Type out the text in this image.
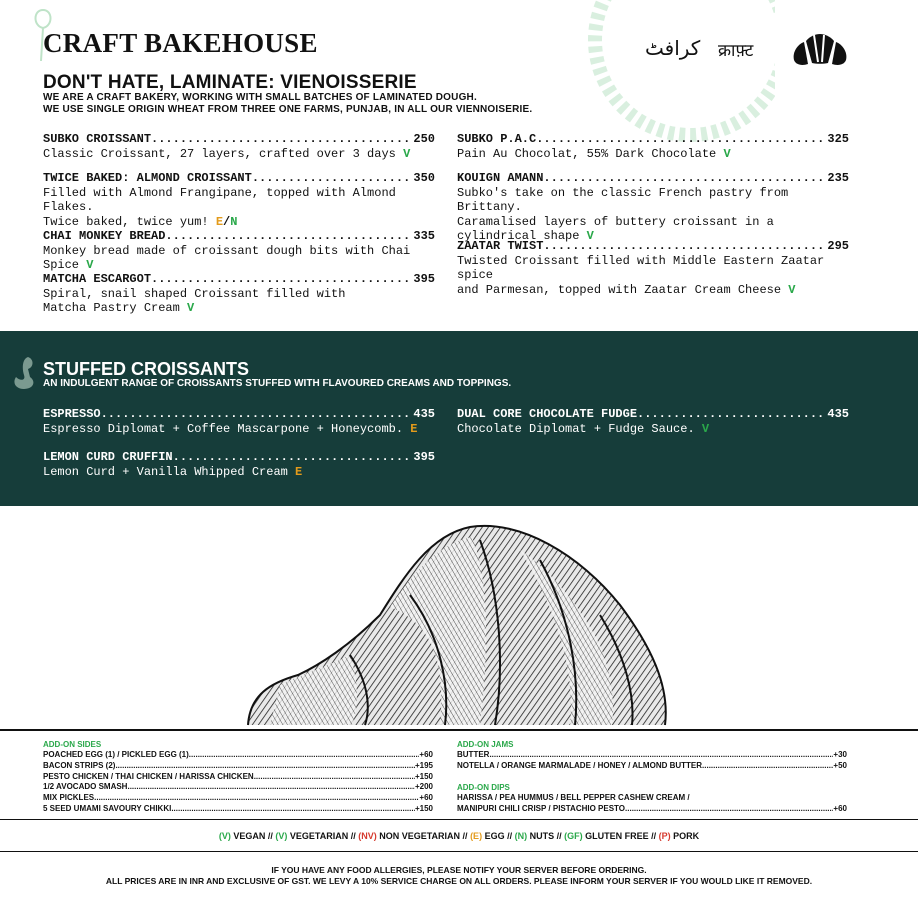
CRAFT BAKEHOUSE	كرافٹ क्राफ़्ट
DON'T HATE, LAMINATE: VIENOISSERIE
WE ARE A CRAFT BAKERY, WORKING WITH SMALL BATCHES OF LAMINATED DOUGH.
WE USE SINGLE ORIGIN WHEAT FROM THREE ONE FARMS, PUNJAB, IN ALL OUR VIENNOISERIE.
SUBKO CROISSANT .....	250
Classic Croissant, 27 layers, crafted over 3 days V
TWICE BAKED: ALMOND CROISSANT .....	350
Filled with Almond Frangipane, topped with Almond Flakes.
Twice baked, twice yum! E/N
CHAI MONKEY BREAD .....	335
Monkey bread made of croissant dough bits with Chai Spice V
MATCHA ESCARGOT .....	395
Spiral, snail shaped Croissant filled with
Matcha Pastry Cream V
SUBKO P.A.C. .....	325
Pain Au Chocolat, 55% Dark Chocolate V
KOUIGN AMANN .....	235
Subko's take on the classic French pastry from Brittany.
Caramalised layers of buttery croissant in a
cylindrical shape V
ZAATAR TWIST .....	295
Twisted Croissant filled with Middle Eastern Zaatar spice
and Parmesan, topped with Zaatar Cream Cheese V
STUFFED CROISSANTS
AN INDULGENT RANGE OF CROISSANTS STUFFED WITH FLAVOURED CREAMS AND TOPPINGS.
ESPRESSO .....	435
Espresso Diplomat + Coffee Mascarpone + Honeycomb. E
LEMON CURD CRUFFIN .....	395
Lemon Curd + Vanilla Whipped Cream E
DUAL CORE CHOCOLATE FUDGE .....	435
Chocolate Diplomat + Fudge Sauce. V
ADD-ON SIDES
POACHED EGG (1) / PICKLED EGG (1) .....	+60
BACON STRIPS (2) .....	+195
PESTO CHICKEN / THAI CHICKEN / HARISSA CHICKEN .....	+150
1/2 AVOCADO SMASH .....	+200
MIX PICKLES .....	+60
5 SEED UMAMI SAVOURY CHIKKI .....	+150
ADD-ON JAMS
BUTTER .....	+30
NOTELLA / ORANGE MARMALADE / HONEY / ALMOND BUTTER .....	+50
ADD-ON DIPS
HARISSA / PEA HUMMUS / BELL PEPPER CASHEW CREAM /
MANIPURI CHILI CRISP / PISTACHIO PESTO .....	+60
(V) VEGAN // (V) VEGETARIAN // (NV) NON VEGETARIAN // (E) EGG // (N) NUTS // (GF) GLUTEN FREE // (P) PORK
IF YOU HAVE ANY FOOD ALLERGIES, PLEASE NOTIFY YOUR SERVER BEFORE ORDERING.
ALL PRICES ARE IN INR AND EXCLUSIVE OF GST. WE LEVY A 10% SERVICE CHARGE ON ALL ORDERS. PLEASE INFORM YOUR SERVER IF YOU WOULD LIKE IT REMOVED.
